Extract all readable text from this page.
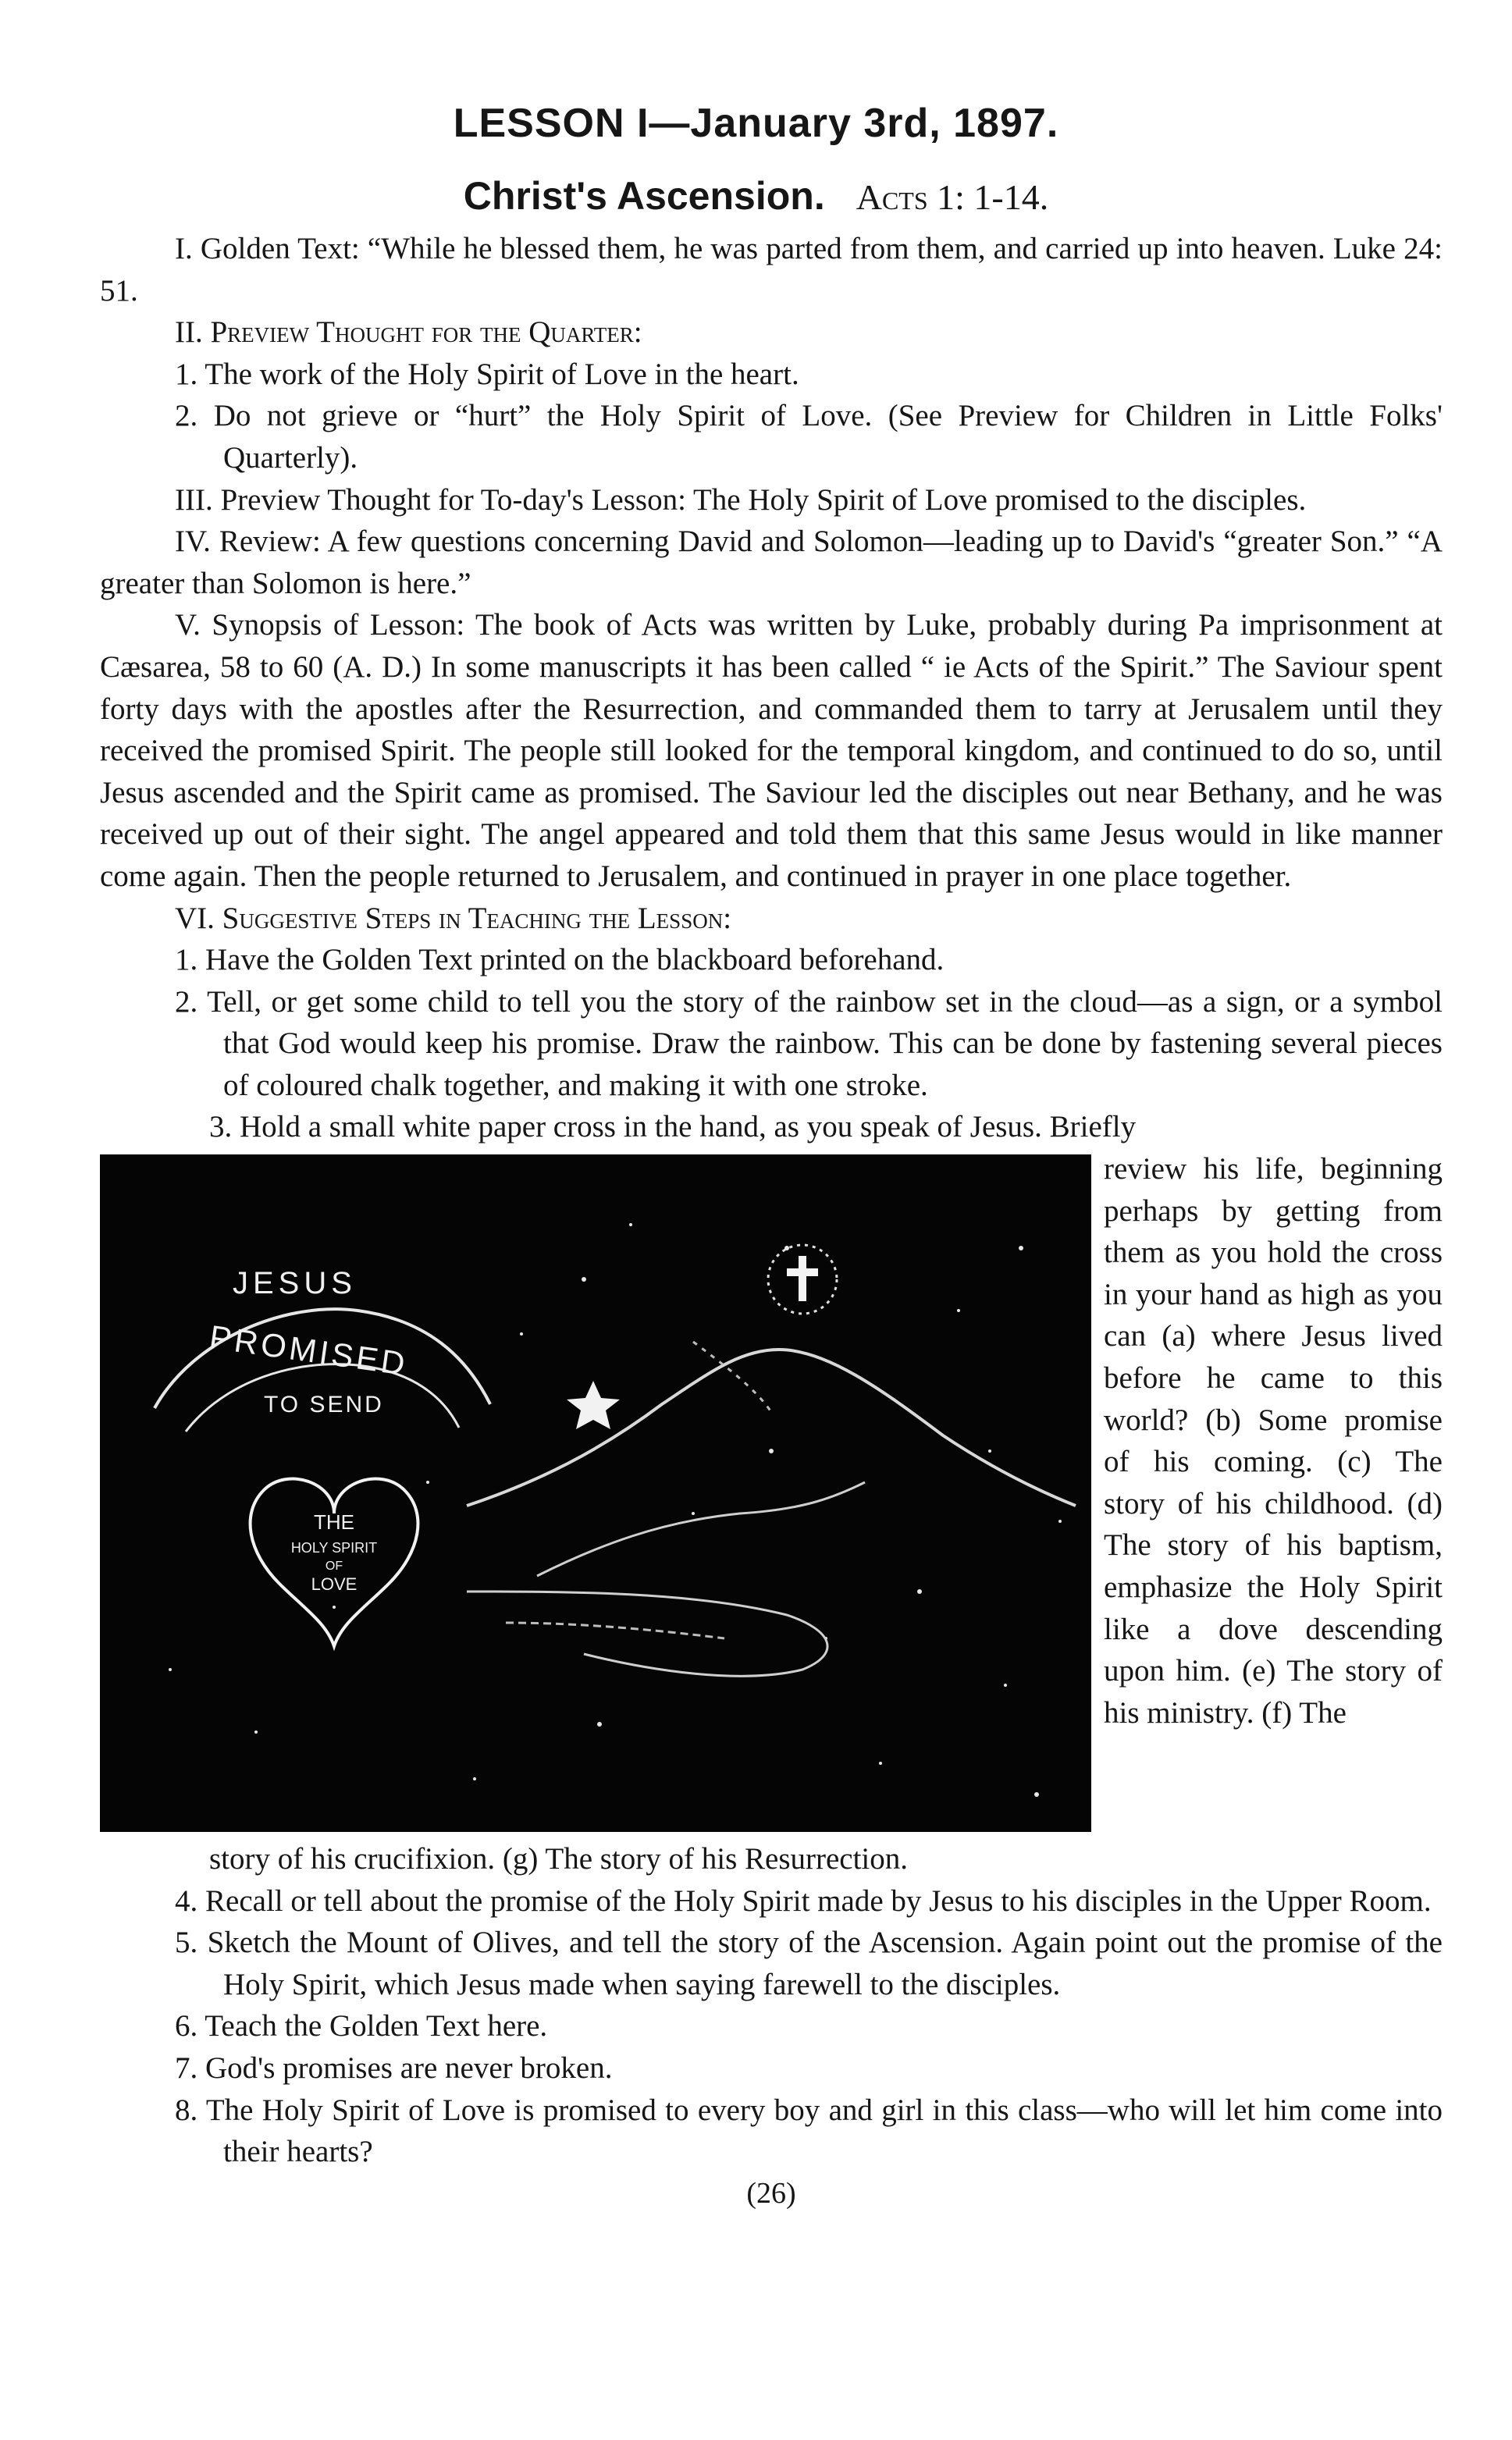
LESSON I—January 3rd, 1897.
Christ's Ascension. Acts 1: 1-14.

I. Golden Text: “While he blessed them, he was parted from them, and carried up into heaven. Luke 24: 51.

II. Preview Thought for the Quarter:

1. The work of the Holy Spirit of Love in the heart.

2. Do not grieve or “hurt” the Holy Spirit of Love. (See Preview for Children in Little Folks' Quarterly).

III. Preview Thought for To-day's Lesson: The Holy Spirit of Love promised to the disciples.

IV. Review: A few questions concerning David and Solomon—leading up to David's “greater Son.” “A greater than Solomon is here.”

V. Synopsis of Lesson: The book of Acts was written by Luke, probably during Pa imprisonment at Cæsarea, 58 to 60 (A. D.) In some manuscripts it has been called “ ie Acts of the Spirit.” The Saviour spent forty days with the apostles after the Resurrection, and commanded them to tarry at Jerusalem until they received the promised Spirit. The people still looked for the temporal kingdom, and continued to do so, until Jesus ascended and the Spirit came as promised. The Saviour led the disciples out near Bethany, and he was received up out of their sight. The angel appeared and told them that this same Jesus would in like manner come again. Then the people returned to Jerusalem, and continued in prayer in one place together.

VI. Suggestive Steps in Teaching the Lesson:

1. Have the Golden Text printed on the blackboard beforehand.

2. Tell, or get some child to tell you the story of the rainbow set in the cloud—as a sign, or a symbol that God would keep his promise. Draw the rainbow. This can be done by fastening several pieces of coloured chalk together, and making it with one stroke.

3. Hold a small white paper cross in the hand, as you speak of Jesus. Briefly

JESUS
PROMISED
TO SEND
THE
HOLY SPIRIT
OF
LOVE

review his life, beginning perhaps by getting from them as you hold the cross in your hand as high as you can (a) where Jesus lived before he came to this world? (b) Some promise of his coming. (c) The story of his childhood. (d) The story of his baptism, emphasize the Holy Spirit like a dove descending upon him. (e) The story of his ministry. (f) The

story of his crucifixion. (g) The story of his Resurrection.

4. Recall or tell about the promise of the Holy Spirit made by Jesus to his disciples in the Upper Room.

5. Sketch the Mount of Olives, and tell the story of the Ascension. Again point out the promise of the Holy Spirit, which Jesus made when saying farewell to the disciples.

6. Teach the Golden Text here.

7. God's promises are never broken.

8. The Holy Spirit of Love is promised to every boy and girl in this class—who will let him come into their hearts?

(26)
